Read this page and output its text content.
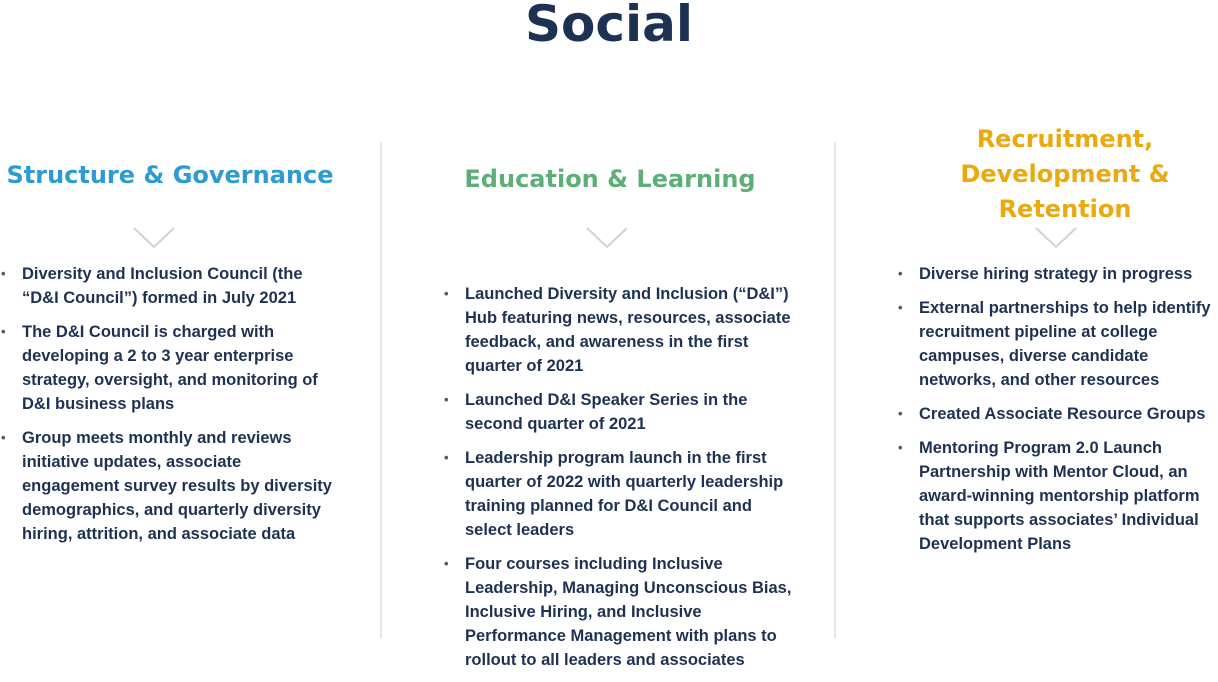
Social
Structure & Governance
• Diversity and Inclusion Council (the “D&I Council”) formed in July 2021
• The D&I Council is charged with developing a 2 to 3 year enterprise strategy, oversight, and monitoring of D&I business plans
• Group meets monthly and reviews initiative updates, associate engagement survey results by diversity demographics, and quarterly diversity hiring, attrition, and associate data
Education & Learning
• Launched Diversity and Inclusion (“D&I”) Hub featuring news, resources, associate feedback, and awareness in the first quarter of 2021
• Launched D&I Speaker Series in the second quarter of 2021
• Leadership program launch in the first quarter of 2022 with quarterly leadership training planned for D&I Council and select leaders
• Four courses including Inclusive Leadership, Managing Unconscious Bias, Inclusive Hiring, and Inclusive Performance Management with plans to rollout to all leaders and associates
Recruitment,
Development &
Retention
• Diverse hiring strategy in progress
• External partnerships to help identify recruitment pipeline at college campuses, diverse candidate networks, and other resources
• Created Associate Resource Groups
• Mentoring Program 2.0 Launch Partnership with Mentor Cloud, an award-winning mentorship platform that supports associates’ Individual Development Plans
